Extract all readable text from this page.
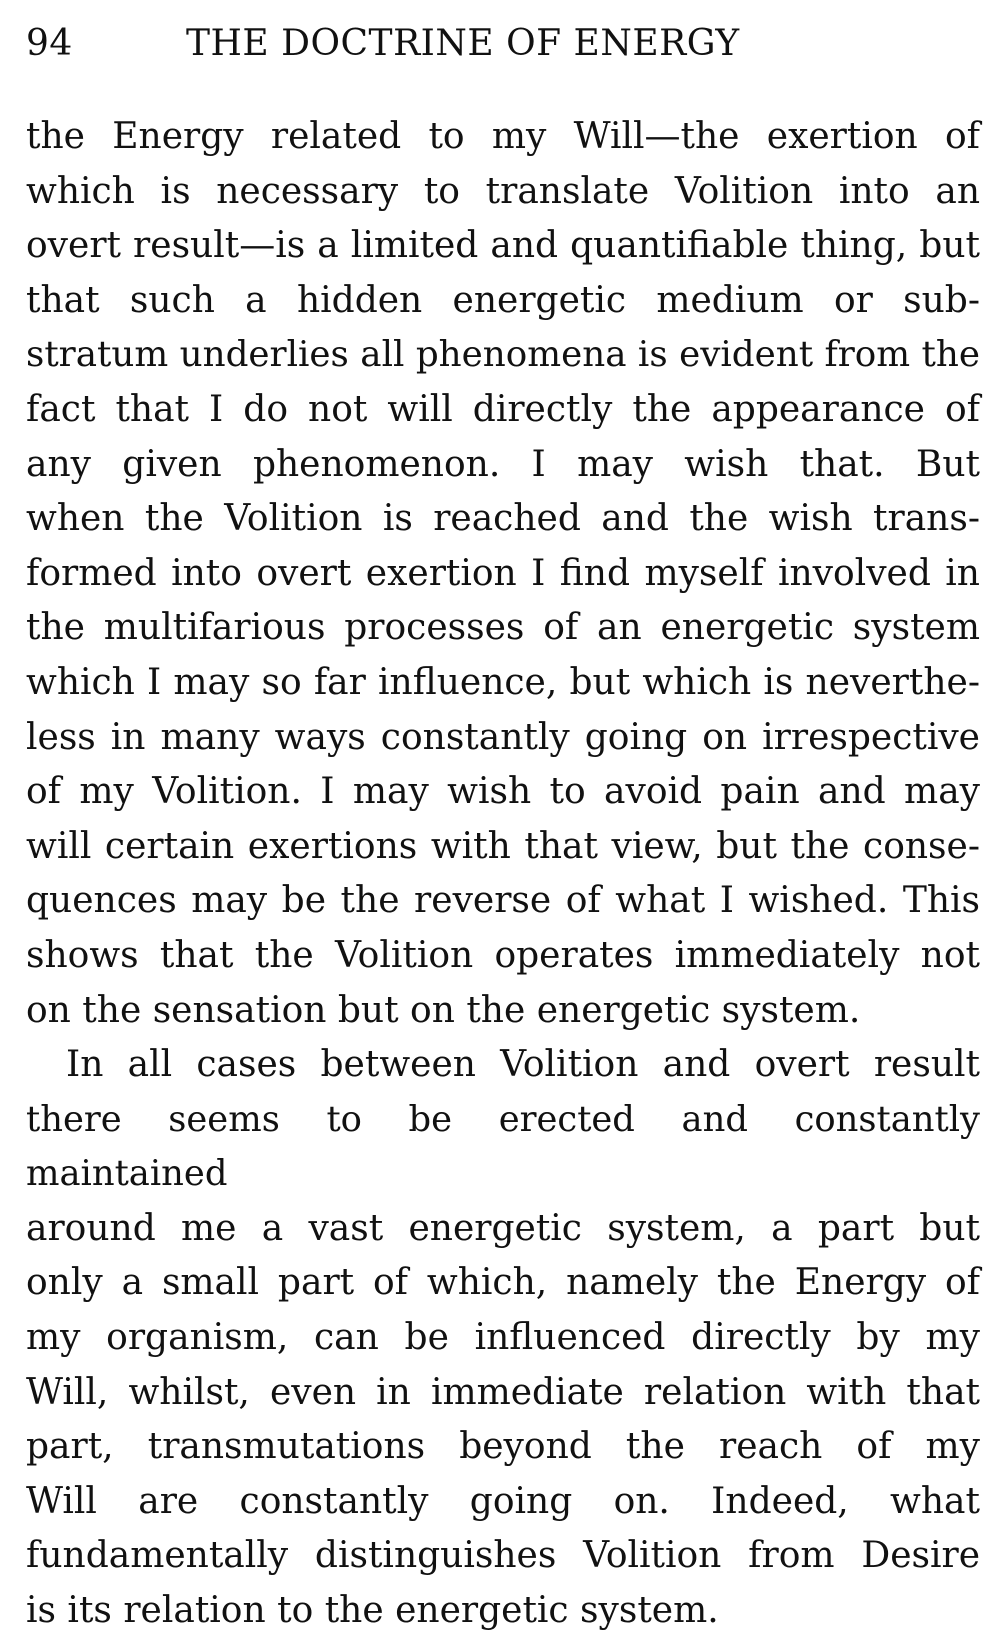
94	THE DOCTRINE OF ENERGY
the Energy related to my Will—the exertion of
which is necessary to translate Volition into an
overt result—is a limited and quantifiable thing, but
that such a hidden energetic medium or sub-
stratum underlies all phenomena is evident from the
fact that I do not will directly the appearance of
any given phenomenon. I may wish that. But
when the Volition is reached and the wish trans-
formed into overt exertion I find myself involved in
the multifarious processes of an energetic system
which I may so far influence, but which is neverthe-
less in many ways constantly going on irrespective
of my Volition. I may wish to avoid pain and may
will certain exertions with that view, but the conse-
quences may be the reverse of what I wished. This
shows that the Volition operates immediately not
on the sensation but on the energetic system.
In all cases between Volition and overt result
there seems to be erected and constantly maintained
around me a vast energetic system, a part but
only a small part of which, namely the Energy of
my organism, can be influenced directly by my
Will, whilst, even in immediate relation with that
part, transmutations beyond the reach of my
Will are constantly going on. Indeed, what
fundamentally distinguishes Volition from Desire
is its relation to the energetic system.
